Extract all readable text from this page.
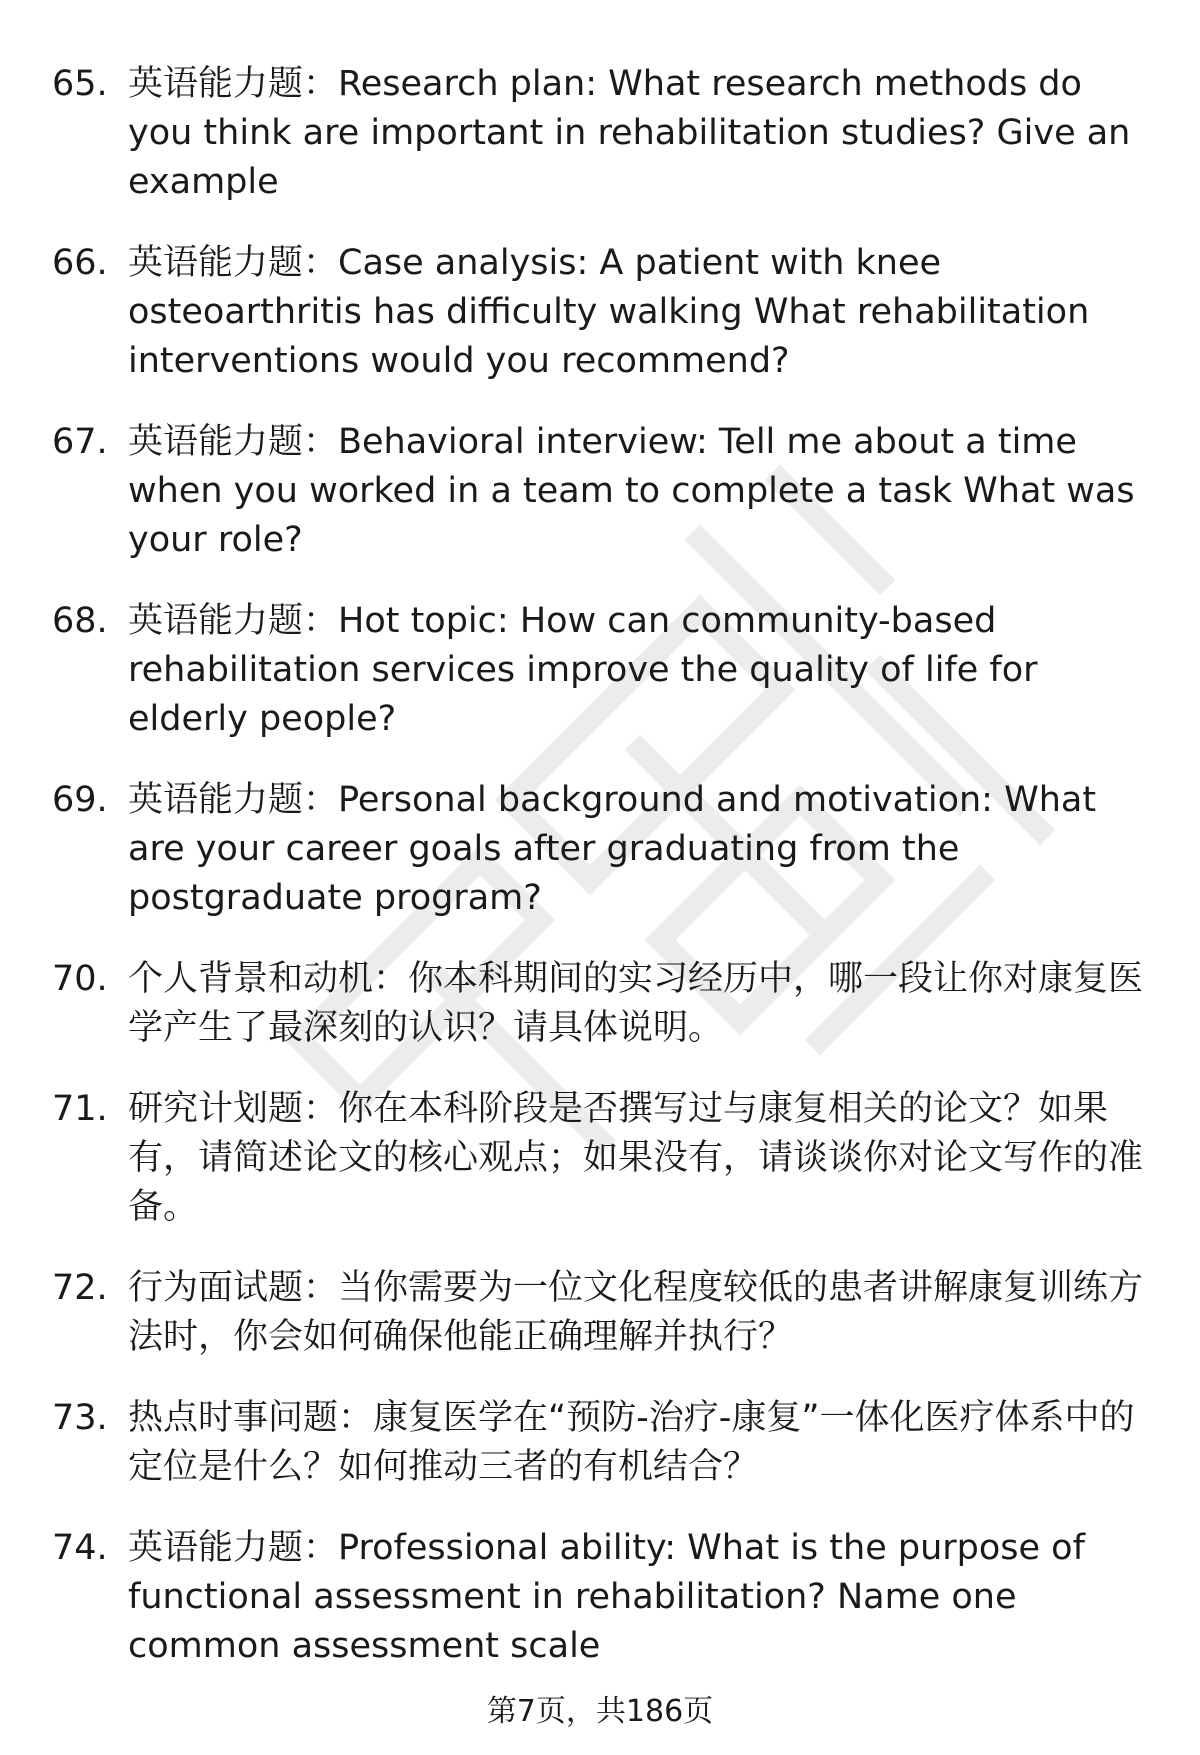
65. 英语能力题：Research plan: What research methods do you think are important in rehabilitation studies? Give an example
66. 英语能力题：Case analysis: A patient with knee osteoarthritis has difficulty walking What rehabilitation interventions would you recommend?
67. 英语能力题：Behavioral interview: Tell me about a time when you worked in a team to complete a task What was your role?
68. 英语能力题：Hot topic: How can community-based rehabilitation services improve the quality of life for elderly people?
69. 英语能力题：Personal background and motivation: What are your career goals after graduating from the postgraduate program?
70. 个人背景和动机：你本科期间的实习经历中，哪一段让你对康复医学产生了最深刻的认识？请具体说明。
71. 研究计划题：你在本科阶段是否撰写过与康复相关的论文？如果有，请简述论文的核心观点；如果没有，请谈谈你对论文写作的准备。
72. 行为面试题：当你需要为一位文化程度较低的患者讲解康复训练方法时，你会如何确保他能正确理解并执行？
73. 热点时事问题：康复医学在“预防-治疗-康复”一体化医疗体系中的定位是什么？如何推动三者的有机结合？
74. 英语能力题：Professional ability: What is the purpose of functional assessment in rehabilitation? Name one common assessment scale
第7页，共186页
